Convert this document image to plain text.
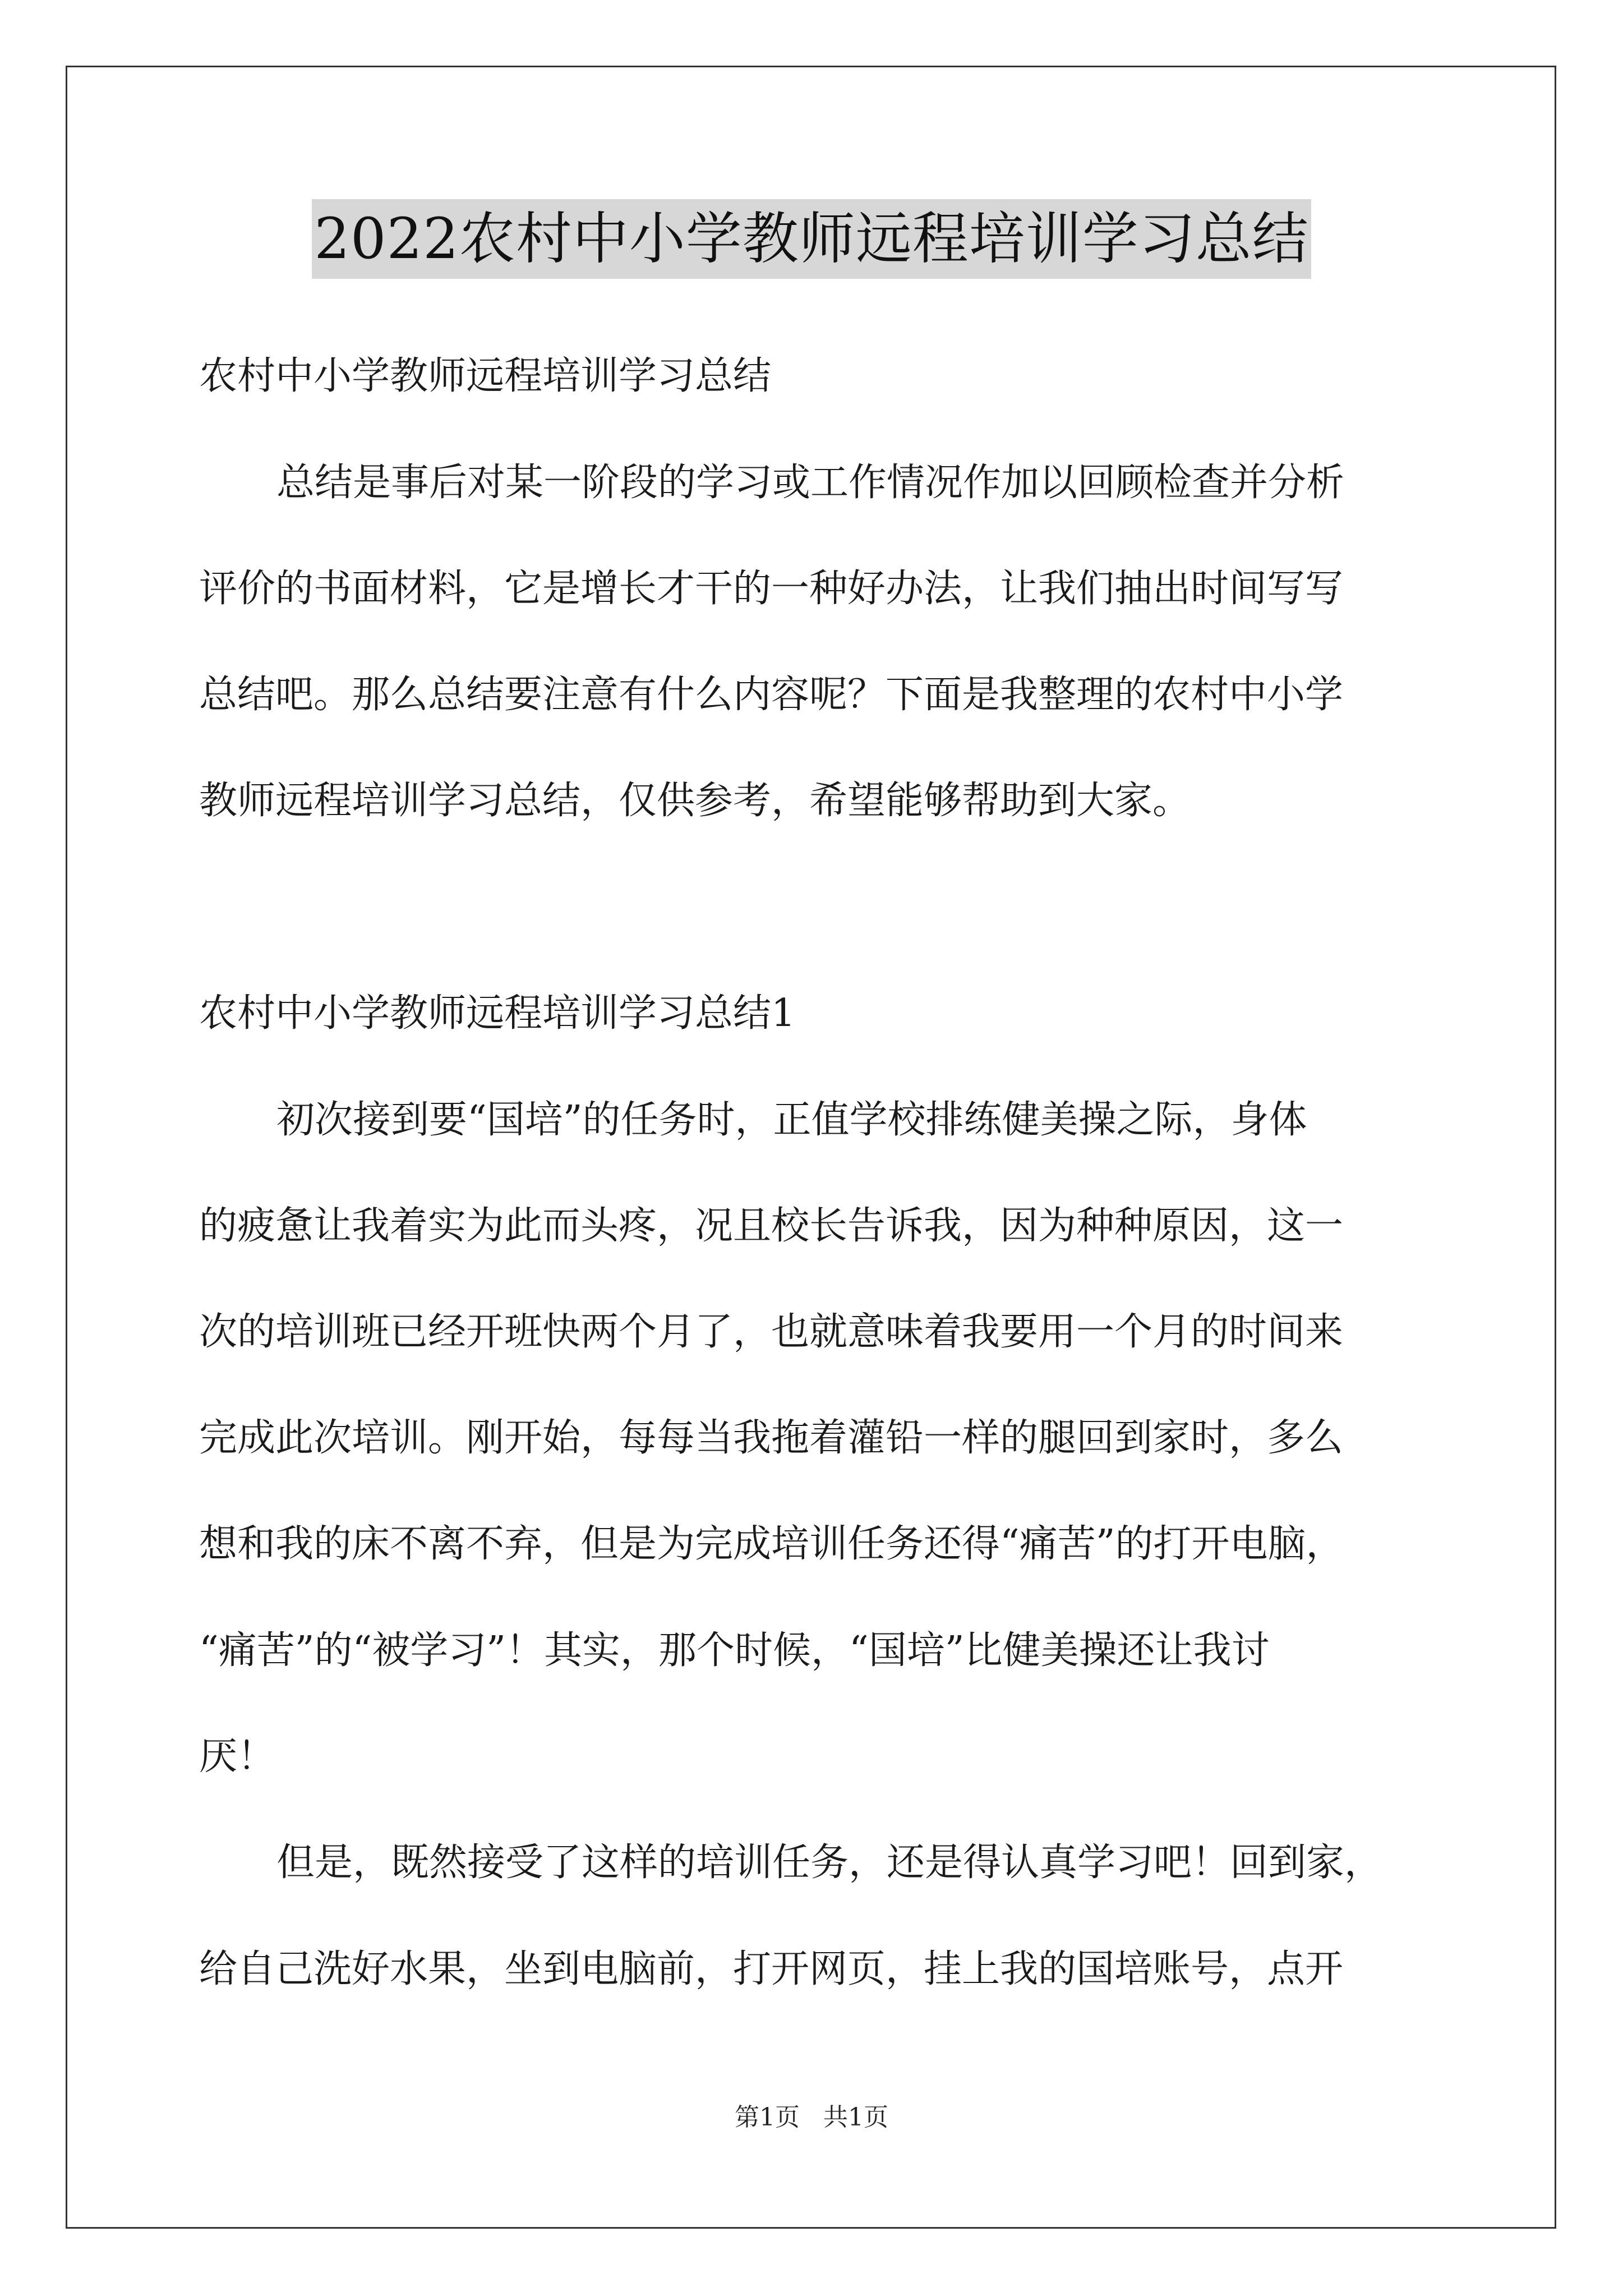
2022农村中小学教师远程培训学习总结
农村中小学教师远程培训学习总结
总结是事后对某一阶段的学习或工作情况作加以回顾检查并分析
评价的书面材料，它是增长才干的一种好办法，让我们抽出时间写写
总结吧。那么总结要注意有什么内容呢？下面是我整理的农村中小学
教师远程培训学习总结，仅供参考，希望能够帮助到大家。
农村中小学教师远程培训学习总结1
初次接到要“国培”的任务时，正值学校排练健美操之际，身体
的疲惫让我着实为此而头疼，况且校长告诉我，因为种种原因，这一
次的培训班已经开班快两个月了，也就意味着我要用一个月的时间来
完成此次培训。刚开始，每每当我拖着灌铅一样的腿回到家时，多么
想和我的床不离不弃，但是为完成培训任务还得“痛苦”的打开电脑，
“痛苦”的“被学习”！其实，那个时候，“国培”比健美操还让我讨
厌！
但是，既然接受了这样的培训任务，还是得认真学习吧！回到家，
给自己洗好水果，坐到电脑前，打开网页，挂上我的国培账号，点开
第1页 共1页
